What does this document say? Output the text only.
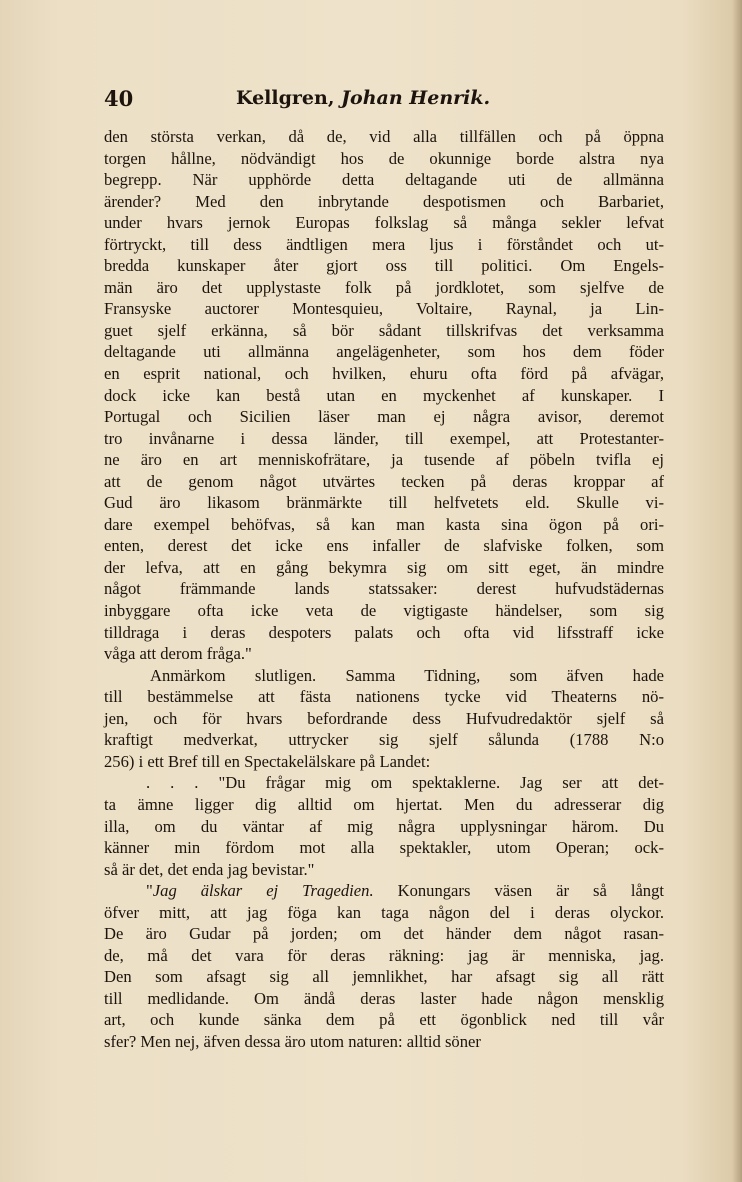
40	Kellgren, Johan Henrik.
den största verkan, då de, vid alla tillfällen och på öppna
torgen hållne, nödvändigt hos de okunnige borde alstra nya
begrepp. När upphörde detta deltagande uti de allmänna
ärender? Med den inbrytande despotismen och Barbariet,
under hvars jernok Europas folkslag så många sekler lefvat
förtryckt, till dess ändtligen mera ljus i förståndet och ut-
bredda kunskaper åter gjort oss till politici. Om Engels-
män äro det upplystaste folk på jordklotet, som sjelfve de
Fransyske auctorer Montesquieu, Voltaire, Raynal, ja Lin-
guet sjelf erkänna, så bör sådant tillskrifvas det verksamma
deltagande uti allmänna angelägenheter, som hos dem föder
en esprit national, och hvilken, ehuru ofta förd på afvägar,
dock icke kan bestå utan en myckenhet af kunskaper. I
Portugal och Sicilien läser man ej några avisor, deremot
tro invånarne i dessa länder, till exempel, att Protestanter-
ne äro en art menniskofrätare, ja tusende af pöbeln tvifla ej
att de genom något utvärtes tecken på deras kroppar af
Gud äro likasom bränmärkte till helfvetets eld. Skulle vi-
dare exempel behöfvas, så kan man kasta sina ögon på ori-
enten, derest det icke ens infaller de slafviske folken, som
der lefva, att en gång bekymra sig om sitt eget, än mindre
något främmande lands statssaker: derest hufvudstädernas
inbyggare ofta icke veta de vigtigaste händelser, som sig
tilldraga i deras despoters palats och ofta vid lifsstraff icke
våga att derom fråga."
Anmärkom slutligen. Samma Tidning, som äfven hade
till bestämmelse att fästa nationens tycke vid Theaterns nö-
jen, och för hvars befordrande dess Hufvudredaktör sjelf så
kraftigt medverkat, uttrycker sig sjelf sålunda (1788 N:o
256) i ett Bref till en Spectakelälskare på Landet:
. . . "Du frågar mig om spektaklerne. Jag ser att det-
ta ämne ligger dig alltid om hjertat. Men du adresserar dig
illa, om du väntar af mig några upplysningar härom. Du
känner min fördom mot alla spektakler, utom Operan; ock-
så är det, det enda jag bevistar."
"Jag älskar ej Tragedien. Konungars väsen är så långt
öfver mitt, att jag föga kan taga någon del i deras olyckor.
De äro Gudar på jorden; om det händer dem något rasan-
de, må det vara för deras räkning: jag är menniska, jag.
Den som afsagt sig all jemnlikhet, har afsagt sig all rätt
till medlidande. Om ändå deras laster hade någon mensklig
art, och kunde sänka dem på ett ögonblick ned till vår
sfer? Men nej, äfven dessa äro utom naturen: alltid söner
